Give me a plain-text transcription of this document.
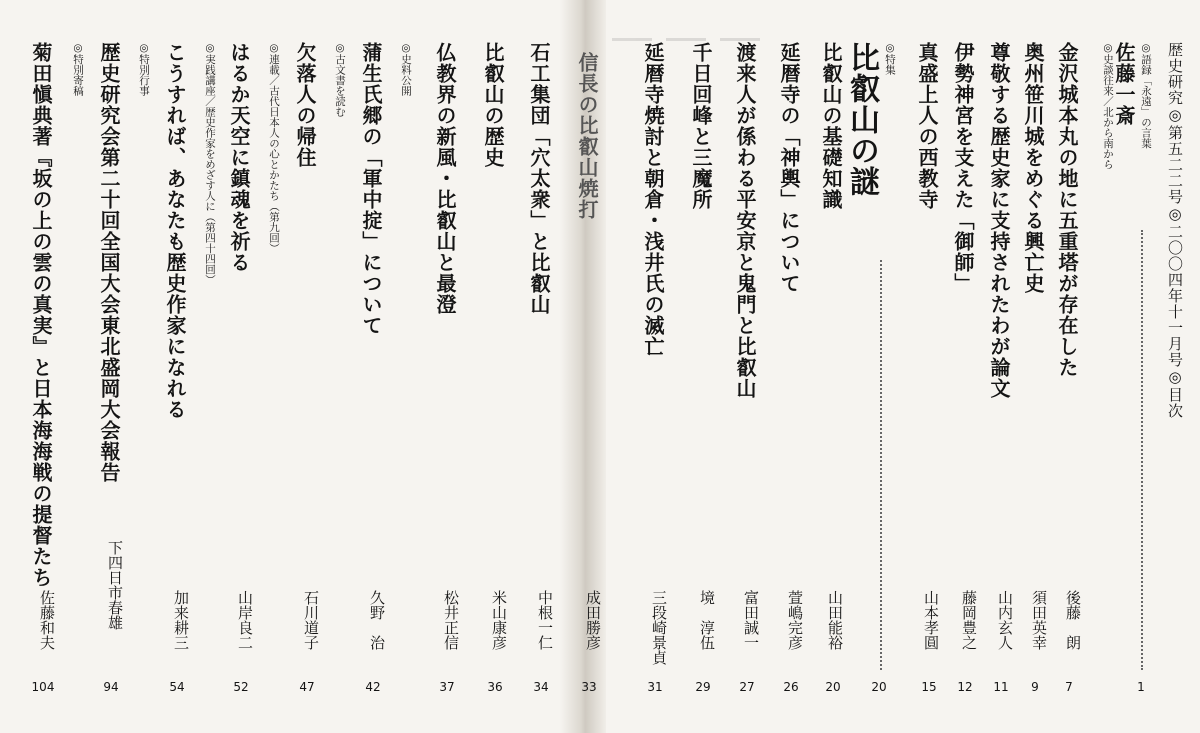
歴史研究◎第五二二号◎二〇〇四年十一月号◎目次
◎語録「永遠」の言葉
佐藤一斎
1
◎史談往来／北から南から
金沢城本丸の地に五重塔が存在した
後藤　朗
7
奥州笹川城をめぐる興亡史
須田英幸
9
尊敬する歴史家に支持されたわが論文
山内玄人
11
伊勢神宮を支えた「御師」
藤岡豊之
12
真盛上人の西教寺
山本孝圓
15
◎特集
比叡山の謎
20
比叡山の基礎知識
山田能裕
20
延暦寺の「神輿」について
萱嶋完彦
26
渡来人が係わる平安京と鬼門と比叡山
富田誠一
27
千日回峰と三魔所
境　淳伍
29
延暦寺焼討と朝倉・浅井氏の滅亡
三段崎景貞
31
信長の比叡山焼打
成田勝彦
33
石工集団「穴太衆」と比叡山
中根一仁
34
比叡山の歴史
米山康彦
36
仏教界の新風・比叡山と最澄
松井正信
37
◎史料公開
蒲生氏郷の「軍中掟」について
久野　治
42
◎古文書を読む
欠落人の帰住
石川道子
47
◎連載／古代日本人の心とかたち（第九回）
はるか天空に鎮魂を祈る
山岸良二
52
◎実践講座／歴史作家をめざす人に（第四十四回）
こうすれば、あなたも歴史作家になれる
加来耕三
54
◎特別行事
歴史研究会第二十回全国大会東北盛岡大会報告
下四日市春雄
94
◎特別寄稿
菊田愼典著『坂の上の雲の真実』と日本海海戦の提督たち
佐藤和夫
104
